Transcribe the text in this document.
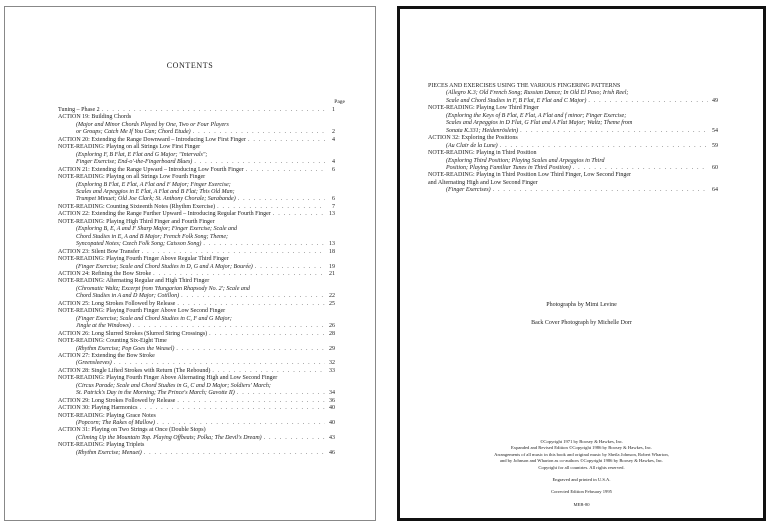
CONTENTS
Page
Tuning – Phase 2 . . .	1
ACTION 19: Building Chords
(Major and Minor Chords Played by One, Two or Four Players
or Groups; Catch Me If You Can; Chord Etude) . . .	2
ACTION 20: Extending the Range Downward – Introducing Low First Finger . . .	4
NOTE-READING: Playing on all Strings Low First Finger
(Exploring F, B Flat, E Flat and G Major; "Intervals";
Finger Exercise; End-o'-the-Fingerboard Blues) . . .	4
ACTION 21: Extending the Range Upward – Introducing Low Fourth Finger . . .	6
NOTE-READING: Playing on all Strings Low Fourth Finger
(Exploring B Flat, E Flat, A Flat and F Major; Finger Exercise;
Scales and Arpeggios in E Flat, A Flat and B Flat; This Old Man;
Trumpet Minuet; Old Joe Clark; St. Anthony Chorale; Sarabande) . . .	6
NOTE-READING: Counting Sixteenth Notes (Rhythm Exercise) . . .	7
ACTION 22: Extending the Range Further Upward – Introducing Regular Fourth Finger . . .	13
NOTE-READING: Playing High Third Finger and Fourth Finger
(Exploring B, E, A and F Sharp Major; Finger Exercise; Scale and
Chord Studies in E, A and B Major; French Folk Song; Theme;
Syncopated Notes; Czech Folk Song; Caisson Song) . . .	13
ACTION 23: Silent Bow Transfer . . .	18
NOTE-READING: Playing Fourth Finger Above Regular Third Finger
(Finger Exercise; Scale and Chord Studies in D, G and A Major; Bourée) . . .	19
ACTION 24: Refining the Bow Stroke . . .	21
NOTE-READING: Alternating Regular and High Third Finger
(Chromatic Waltz; Excerpt from 'Hungarian Rhapsody No. 2'; Scale and
Chord Studies in A and D Major; Cotillon) . . .	22
ACTION 25: Long Strokes Followed by Release . . .	25
NOTE-READING: Playing Fourth Finger Above Low Second Finger
(Finger Exercise; Scale and Chord Studies in C, F and G Major;
Jingle at the Windows) . . .	26
ACTION 26: Long Slurred Strokes (Slurred String Crossings) . . .	28
NOTE-READING: Counting Six-Eight Time
(Rhythm Exercise; Pop Goes the Weasel) . . .	29
ACTION 27: Extending the Bow Stroke
(Greensleeves) . . .	32
ACTION 28: Single Lifted Strokes with Return (The Rebound) . . .	33
NOTE-READING: Playing Fourth Finger Above Alternating High and Low Second Finger
(Circus Parade; Scale and Chord Studies in G, C and D Major; Soldiers' March;
St. Patrick's Day in the Morning; The Prince's March; Gavotte II) . . .	34
ACTION 29: Long Strokes Followed by Release . . .	36
ACTION 30: Playing Harmonics . . .	40
NOTE-READING: Playing Grace Notes
(Popcorn; The Rakes of Mallow) . . .	40
ACTION 31: Playing on Two Strings at Once (Double Stops)
(Climing Up the Mountain Top. Playing Offbeats; Polka; The Devil's Dream) . . .	43
NOTE-READING: Playing Triplets
(Rhythm Exercise; Menuet) . . .	46
PIECES AND EXERCISES USING THE VARIOUS FINGERING PATTERNS
(Allegro K.3; Old French Song; Russian Dance; In Old El Paso; Irish Reel;
Scale and Chord Studies in F, B Flat, E Flat and C Major) . . .	49
NOTE-READING: Playing Low Third Finger
(Exploring the Keys of B Flat, E Flat, A Flat and f minor; Finger Exercise;
Scales and Arpeggios in D Flat, G Flat and A Flat Major; Waltz; Theme from
Sonata K.331; Heidenröslein) . . .	54
ACTION 32: Exploring the Positions
(Au Clair de la Lune) . . .	59
NOTE-READING: Playing in Third Position
(Exploring Third Position; Playing Scales and Arpeggios in Third
Position; Playing Familiar Tunes in Third Position) . . .	60
NOTE-READING: Playing in Third Position Low Third Finger, Low Second Finger
and Alternating High and Low Second Finger
(Finger Exercises) . . .	64
Photographs by Mimi Levine
Back Cover Photograph by Michelle Dorr
©Copyright 1971 by Boosey & Hawkes, Inc.
Expanded and Revised Edition ©Copyright 1986 by Boosey & Hawkes, Inc.
Arrangements of all music in this book and original music by Sheila Johnson, Robert Wharton,
and by Johnson and Wharton as co-authors ©Copyright 1986 by Boosey & Hawkes, Inc.
Copyright for all countries. All rights reserved.
Engraved and printed in U.S.A.
Corrected Edition February 1995
MEB-80
